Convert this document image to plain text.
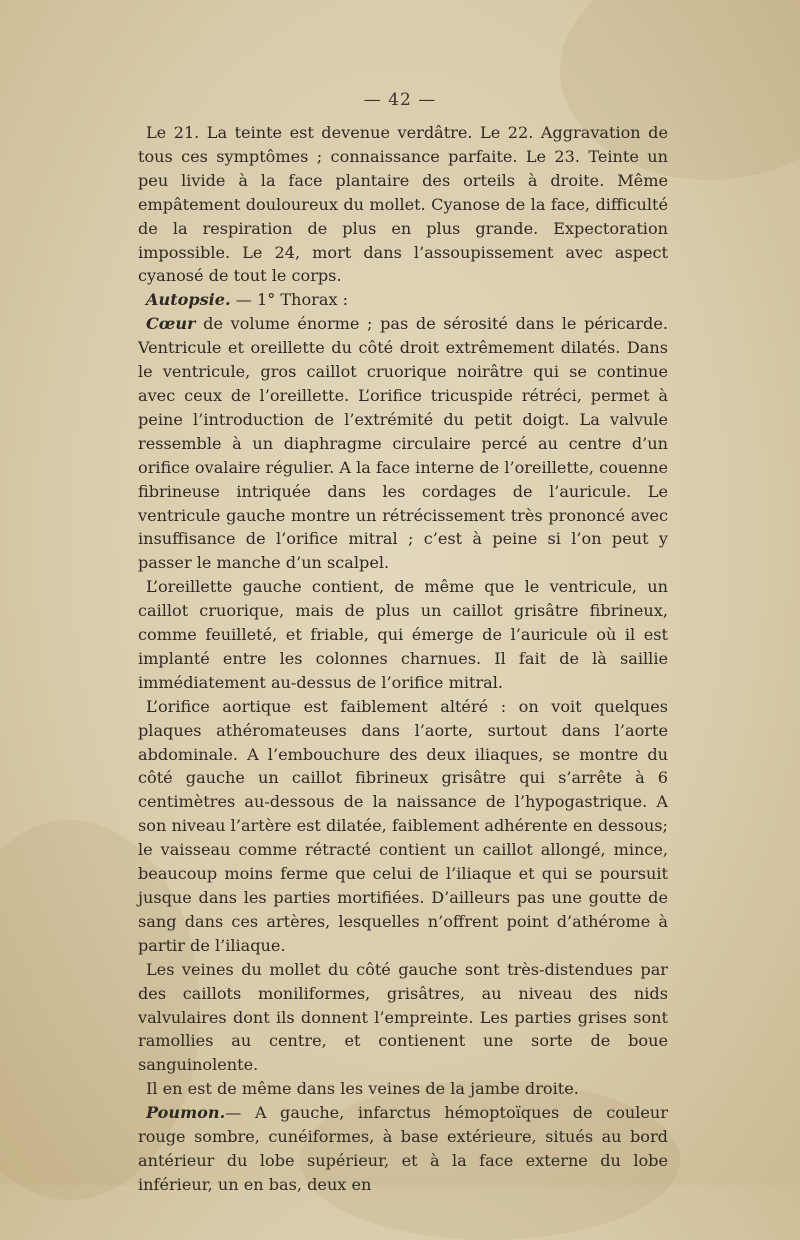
— 42 —

Le 21. La teinte est devenue verdâtre. Le 22. Aggravation de tous ces symptômes ; connaissance parfaite. Le 23. Teinte un peu livide à la face plantaire des orteils à droite. Même empâtement douloureux du mollet. Cyanose de la face, difficulté de la respiration de plus en plus grande. Expectoration impossible. Le 24, mort dans l’assoupissement avec aspect cyanosé de tout le corps.

Autopsie. — 1° Thorax :

Cœur de volume énorme ; pas de sérosité dans le péricarde. Ventricule et oreillette du côté droit extrêmement dilatés. Dans le ventricule, gros caillot cruorique noirâtre qui se continue avec ceux de l’oreillette. L’orifice tricuspide rétréci, permet à peine l’introduction de l’extrémité du petit doigt. La valvule ressemble à un diaphragme circulaire percé au centre d’un orifice ovalaire régulier. A la face interne de l’oreillette, couenne fibrineuse intriquée dans les cordages de l’auricule. Le ventricule gauche montre un rétrécissement très prononcé avec insuffisance de l’orifice mitral ; c’est à peine si l’on peut y passer le manche d’un scalpel.

L’oreillette gauche contient, de même que le ventricule, un caillot cruorique, mais de plus un caillot grisâtre fibrineux, comme feuilleté, et friable, qui émerge de l’auricule où il est implanté entre les colonnes charnues. Il fait de là saillie immédiatement au-dessus de l’orifice mitral.

L’orifice aortique est faiblement altéré : on voit quelques plaques athéromateuses dans l’aorte, surtout dans l’aorte abdominale. A l’embouchure des deux iliaques, se montre du côté gauche un caillot fibrineux grisâtre qui s’arrête à 6 centimètres au-dessous de la naissance de l’hypogastrique. A son niveau l’artère est dilatée, faiblement adhérente en dessous; le vaisseau comme rétracté contient un caillot allongé, mince, beaucoup moins ferme que celui de l’iliaque et qui se poursuit jusque dans les parties mortifiées. D’ailleurs pas une goutte de sang dans ces artères, lesquelles n’offrent point d’athérome à partir de l’iliaque.

Les veines du mollet du côté gauche sont très-distendues par des caillots moniliformes, grisâtres, au niveau des nids valvulaires dont ils donnent l’empreinte. Les parties grises sont ramollies au centre, et contienent une sorte de boue sanguinolente.

Il en est de même dans les veines de la jambe droite.

Poumon.— A gauche, infarctus hémoptoïques de couleur rouge sombre, cunéiformes, à base extérieure, situés au bord antérieur du lobe supérieur, et à la face externe du lobe inférieur, un en bas, deux en
